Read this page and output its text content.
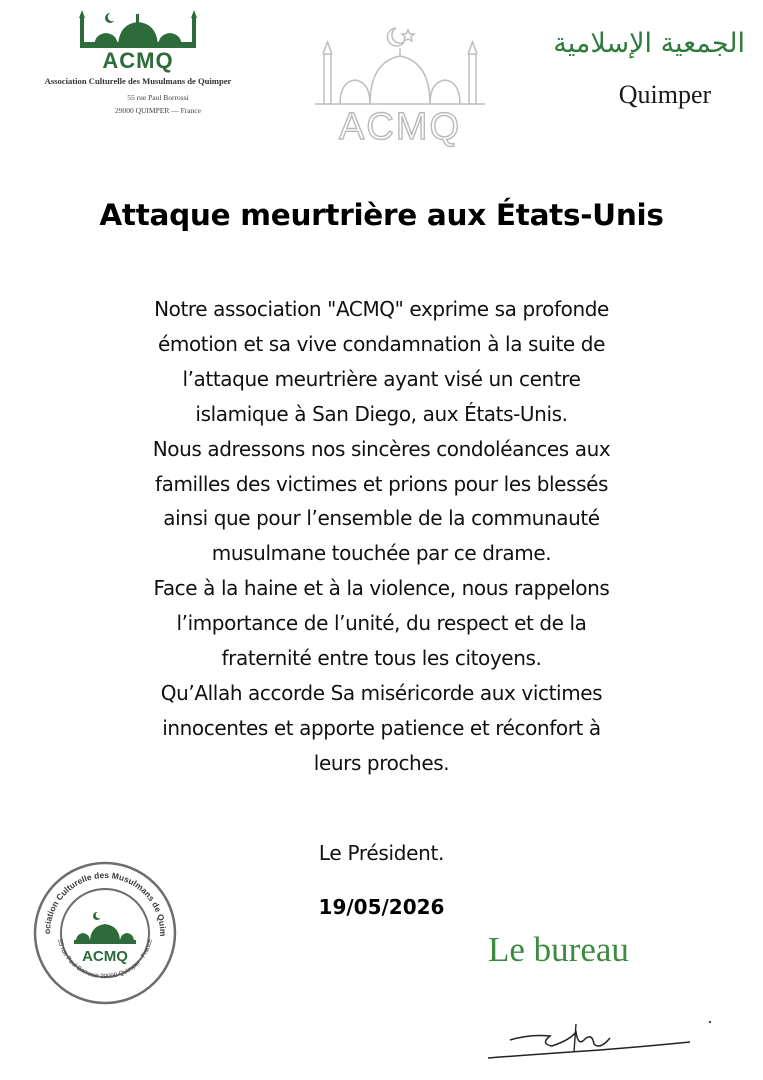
ACMQ
Association Culturelle des Musulmans de Quimper
55 rue Paul Borrossi
29000 QUIMPER — France	ACMQ
الجمعية الإسلامية
Quimper
Attaque meurtrière aux États-Unis
Notre association "ACMQ" exprime sa profonde
émotion et sa vive condamnation à la suite de
l’attaque meurtrière ayant visé un centre
islamique à San Diego, aux États-Unis.
Nous adressons nos sincères condoléances aux
familles des victimes et prions pour les blessés
ainsi que pour l’ensemble de la communauté
musulmane touchée par ce drame.
Face à la haine et à la violence, nous rappelons
l’importance de l’unité, du respect et de la
fraternité entre tous les citoyens.
Qu’Allah accorde Sa miséricorde aux victimes
innocentes et apporte patience et réconfort à
leurs proches.
Le Président.
19/05/2026
ociation Culturelle des Musulmans de Quim
55 rue Paul Borrossi 29000 Quimper - France
ACMQ	Le bureau
